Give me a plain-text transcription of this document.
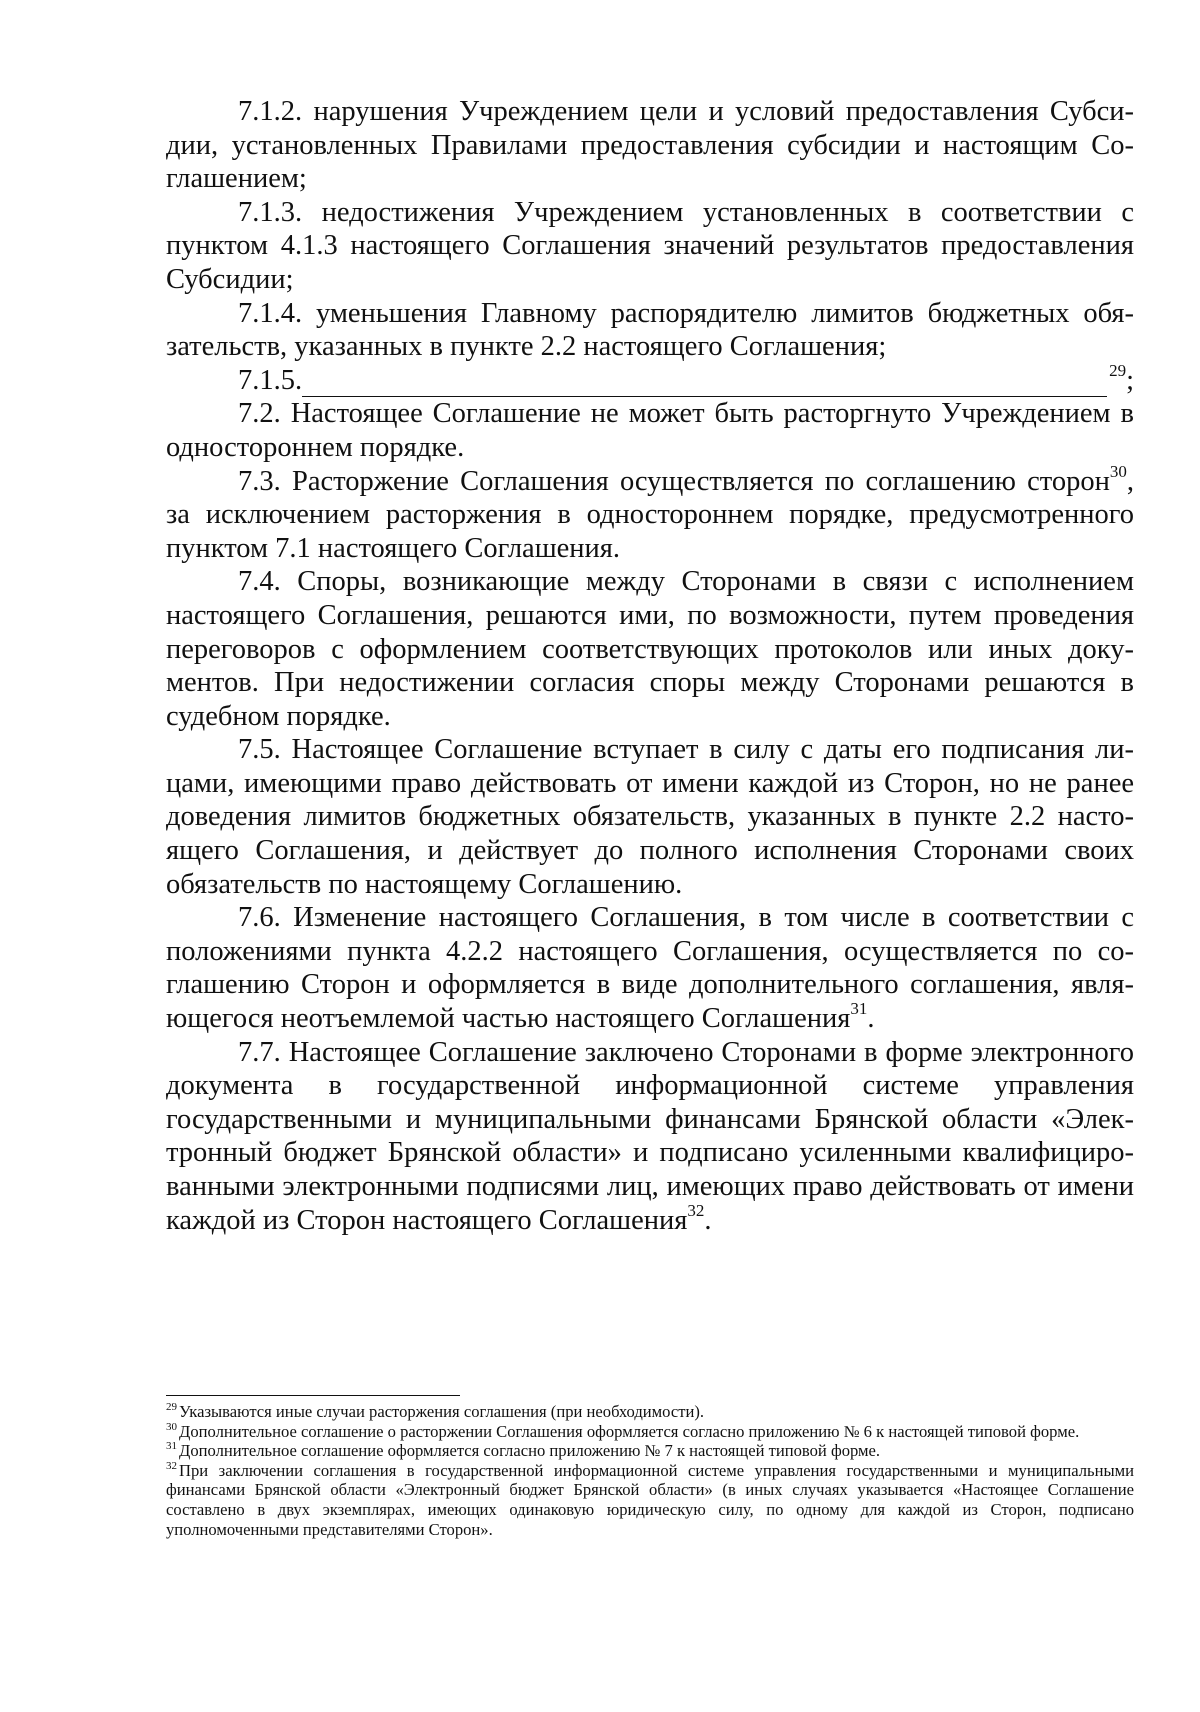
7.1.2. нарушения Учреждением цели и условий предоставления Субсидии, установленных Правилами предоставления субсидии и настоящим Соглашением;

7.1.3. недостижения Учреждением установленных в соответствии с пунктом 4.1.3 настоящего Соглашения значений результатов предоставления Субсидии;

7.1.4. уменьшения Главному распорядителю лимитов бюджетных обязательств, указанных в пункте 2.2 настоящего Соглашения;

7.1.5.	$^{29}$;

7.2. Настоящее Соглашение не может быть расторгнуто Учреждением в одностороннем порядке.

7.3. Расторжение Соглашения осуществляется по соглашению сторон$^{30}$, за исключением расторжения в одностороннем порядке, предусмотренного пунктом 7.1 настоящего Соглашения.

7.4. Споры, возникающие между Сторонами в связи с исполнением настоящего Соглашения, решаются ими, по возможности, путем проведения переговоров с оформлением соответствующих протоколов или иных документов. При недостижении согласия споры между Сторонами решаются в судебном порядке.

7.5. Настоящее Соглашение вступает в силу с даты его подписания лицами, имеющими право действовать от имени каждой из Сторон, но не ранее доведения лимитов бюджетных обязательств, указанных в пункте 2.2 настоящего Соглашения, и действует до полного исполнения Сторонами своих обязательств по настоящему Соглашению.

7.6. Изменение настоящего Соглашения, в том числе в соответствии с положениями пункта 4.2.2 настоящего Соглашения, осуществляется по соглашению Сторон и оформляется в виде дополнительного соглашения, являющегося неотъемлемой частью настоящего Соглашения$^{31}$.

7.7. Настоящее Соглашение заключено Сторонами в форме электронного документа в государственной информационной системе управления государственными и муниципальными финансами Брянской области «Электронный бюджет Брянской области» и подписано усиленными квалифицированными электронными подписями лиц, имеющих право действовать от имени каждой из Сторон настоящего Соглашения$^{32}$.

$^{29}$ Указываются иные случаи расторжения соглашения (при необходимости).

$^{30}$ Дополнительное соглашение о расторжении Соглашения оформляется согласно приложению № 6 к настоящей типовой форме.

$^{31}$ Дополнительное соглашение оформляется согласно приложению № 7 к настоящей типовой форме.

$^{32}$ При заключении соглашения в государственной информационной системе управления государственными и муниципальными финансами Брянской области «Электронный бюджет Брянской области» (в иных случаях указывается «Настоящее Соглашение составлено в двух экземплярах, имеющих одинаковую юридическую силу, по одному для каждой из Сторон, подписано уполномоченными представителями Сторон».
